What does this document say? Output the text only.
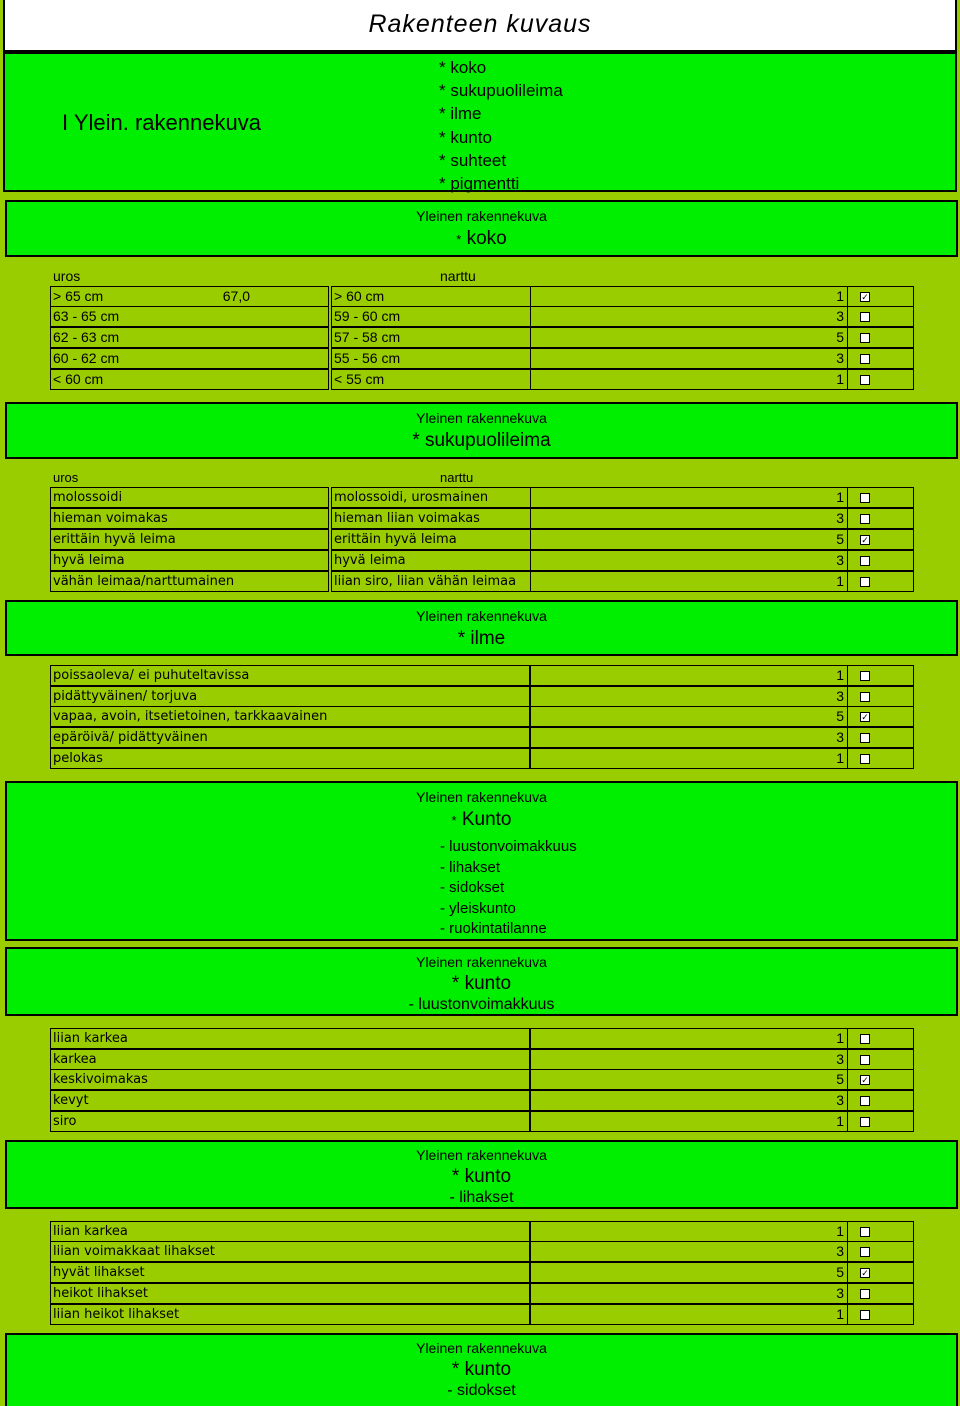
Rakenteen kuvaus
I Ylein. rakennekuva
* koko
* sukupuolileima
* ilme
* kunto
* suhteet
* pigmentti
Yleinen rakennekuva
* koko
uros	narttu
> 65 cm	67,0	> 60 cm	1	✓
63 - 65 cm	59 - 60 cm	3
62 - 63 cm	57 - 58 cm	5
60 - 62 cm	55 - 56 cm	3
< 60 cm	< 55 cm	1
Yleinen rakennekuva
* sukupuolileima
uros	narttu
molossoidi	molossoidi, urosmainen	1
hieman voimakas	hieman liian voimakas	3
erittäin hyvä leima	erittäin hyvä leima	5	✓
hyvä leima	hyvä leima	3
vähän leimaa/narttumainen	liian siro, liian vähän leimaa	1
Yleinen rakennekuva
* ilme
poissaoleva/ ei puhuteltavissa	1
pidättyväinen/ torjuva	3
vapaa, avoin, itsetietoinen, tarkkaavainen	5	✓
epäröivä/ pidättyväinen	3
pelokas	1
Yleinen rakennekuva
* Kunto
- luustonvoimakkuus
- lihakset
- sidokset
- yleiskunto
- ruokintatilanne
Yleinen rakennekuva
* kunto
- luustonvoimakkuus
liian karkea	1
karkea	3
keskivoimakas	5	✓
kevyt	3
siro	1
Yleinen rakennekuva
* kunto
- lihakset
liian karkea	1
liian voimakkaat lihakset	3
hyvät lihakset	5	✓
heikot lihakset	3
liian heikot lihakset	1
Yleinen rakennekuva
* kunto
- sidokset
